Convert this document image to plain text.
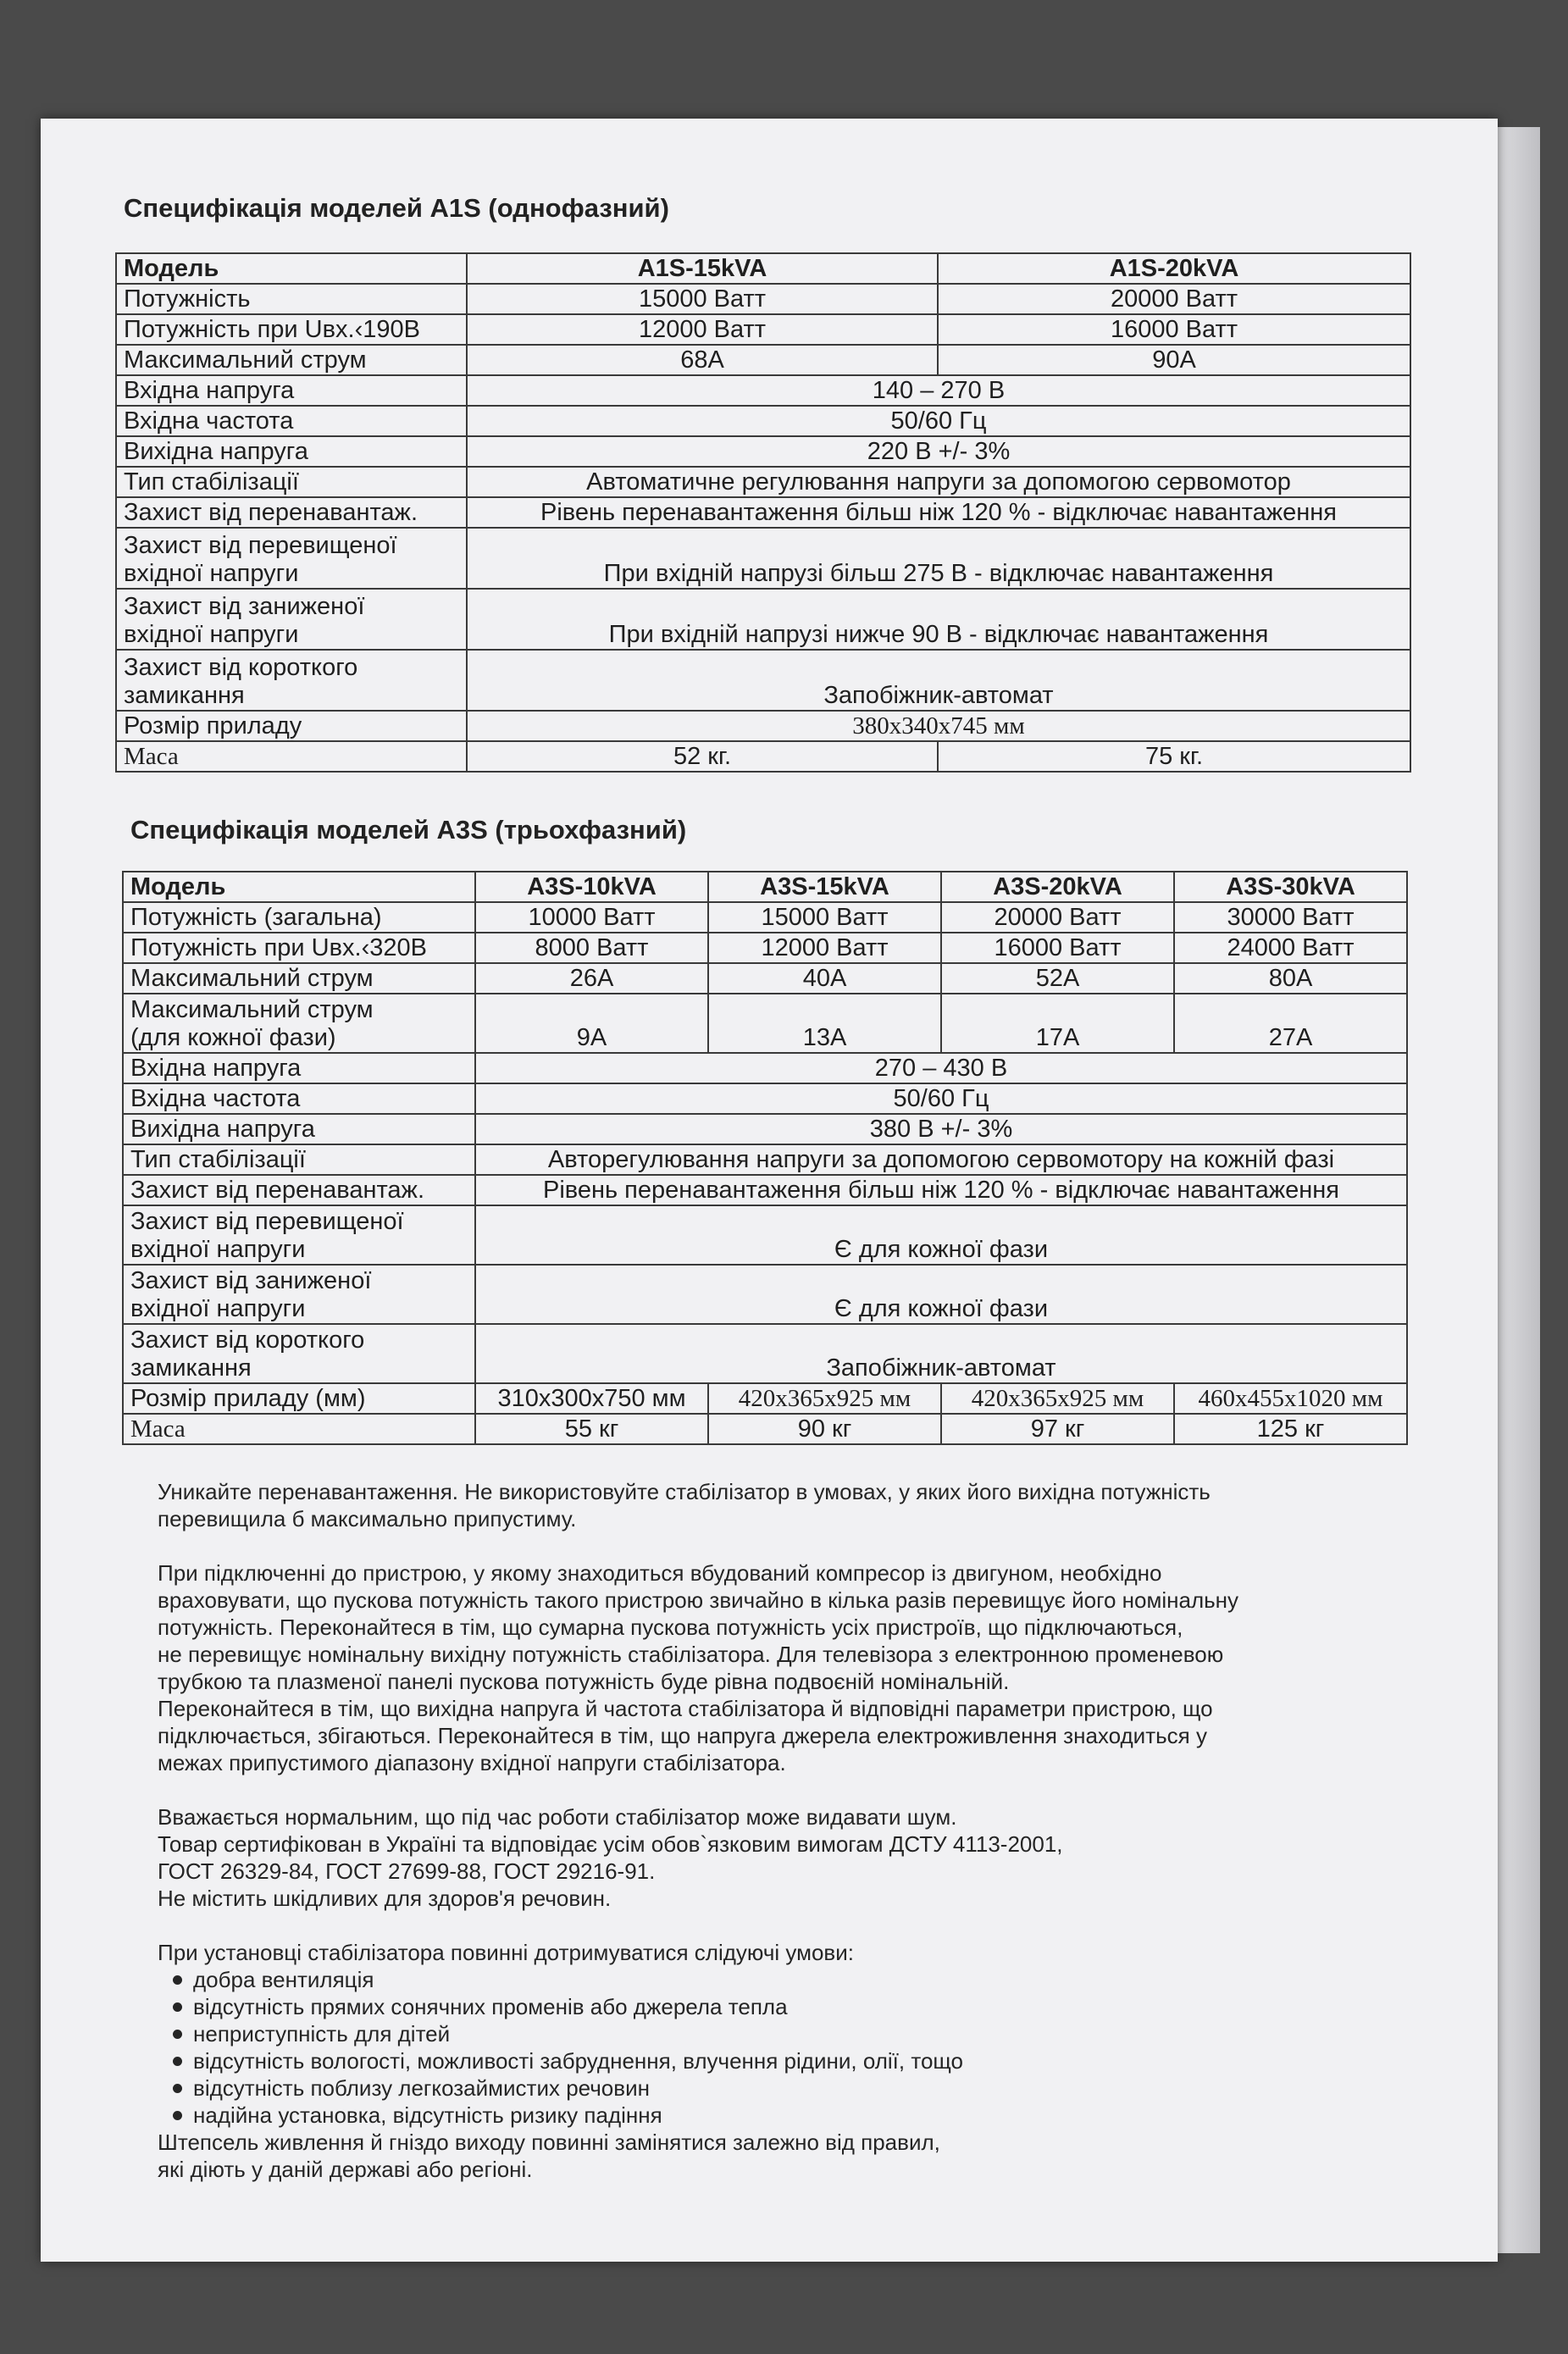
Специфікація моделей A1S (однофазний)
Модель	A1S-15kVA	A1S-20kVA
Потужність	15000 Ватт	20000 Ватт
Потужність при Uвх.‹190В	12000 Ватт	16000 Ватт
Максимальний струм	68А	90А
Вхідна напруга	140 – 270 В	
Вхідна частота	50/60 Гц	
Вихідна напруга	220 В +/- 3%	
Тип стабілізації	Автоматичне регулювання напруги за допомогою сервомотор	
Захист від перенавантаж.	Рівень перенавантаження більш ніж 120 % - відключає навантаження	
Захист від перевищеної
вхідної напруги	При вхідній напрузі більш 275 В - відключає навантаження	
Захист від заниженої
вхідної напруги	При вхідній напрузі нижче 90 В - відключає навантаження	
Захист від короткого
замикання	Запобіжник-автомат	
Розмір приладу	380х340х745 мм	
Маса	52 кг.	75 кг.
Специфікація моделей A3S (трьохфазний)
Модель	A3S-10kVA	A3S-15kVA	A3S-20kVA	A3S-30kVA
Потужність (загальна)	10000 Ватт	15000 Ватт	20000 Ватт	30000 Ватт
Потужність при Uвх.‹320В	8000 Ватт	12000 Ватт	16000 Ватт	24000 Ватт
Максимальний струм	26А	40А	52А	80А
Максимальний струм
(для кожної фази)	9А	13А	17А	27А
Вхідна напруга	270 – 430 В			
Вхідна частота	50/60 Гц			
Вихідна напруга	380 В +/- 3%			
Тип стабілізації	Авторегулювання напруги за допомогою сервомотору на кожній фазі			
Захист від перенавантаж.	Рівень перенавантаження більш ніж 120 % - відключає навантаження			
Захист від перевищеної
вхідної напруги	Є для кожної фази			
Захист від заниженої
вхідної напруги	Є для кожної фази			
Захист від короткого
замикання	Запобіжник-автомат			
Розмір приладу (мм)	310х300х750 мм	420х365х925 мм	420х365х925 мм	460х455х1020 мм
Маса	55 кг	90 кг	97 кг	125 кг

Уникайте перенавантаження. Не використовуйте стабілізатор в умовах, у яких його вихідна потужність
перевищила б максимально припустиму.

При підключенні до пристрою, у якому знаходиться вбудований компресор із двигуном, необхідно
враховувати, що пускова потужність такого пристрою звичайно в кілька разів перевищує його номінальну
потужність. Переконайтеся в тім, що сумарна пускова потужність усіх пристроїв, що підключаються,
не перевищує номінальну вихідну потужність стабілізатора. Для телевізора з електронною променевою
трубкою та плазменої панелі пускова потужність буде рівна подвоєній номінальній.
Переконайтеся в тім, що вихідна напруга й частота стабілізатора й відповідні параметри пристрою, що
підключається, збігаються. Переконайтеся в тім, що напруга джерела електроживлення знаходиться у
межах припустимого діапазону вхідної напруги стабілізатора.

Вважається нормальним, що під час роботи стабілізатор може видавати шум.
Товар сертифікован в Україні та відповідає усім обов`язковим вимогам ДСТУ 4113-2001,
ГОСТ 26329-84, ГОСТ 27699-88, ГОСТ 29216-91.
Не містить шкідливих для здоров'я речовин.

При установці стабілізатора повинні дотримуватися слідуючі умови:
добра вентиляція
відсутність прямих сонячних променів або джерела тепла
неприступність для дітей
відсутність вологості, можливості забруднення, влучення рідини, олії, тощо
відсутність поблизу легкозаймистих речовин
надійна установка, відсутність ризику падіння
Штепсель живлення й гніздо виходу повинні замінятися залежно від правил,
які діють у даній державі або регіоні.
